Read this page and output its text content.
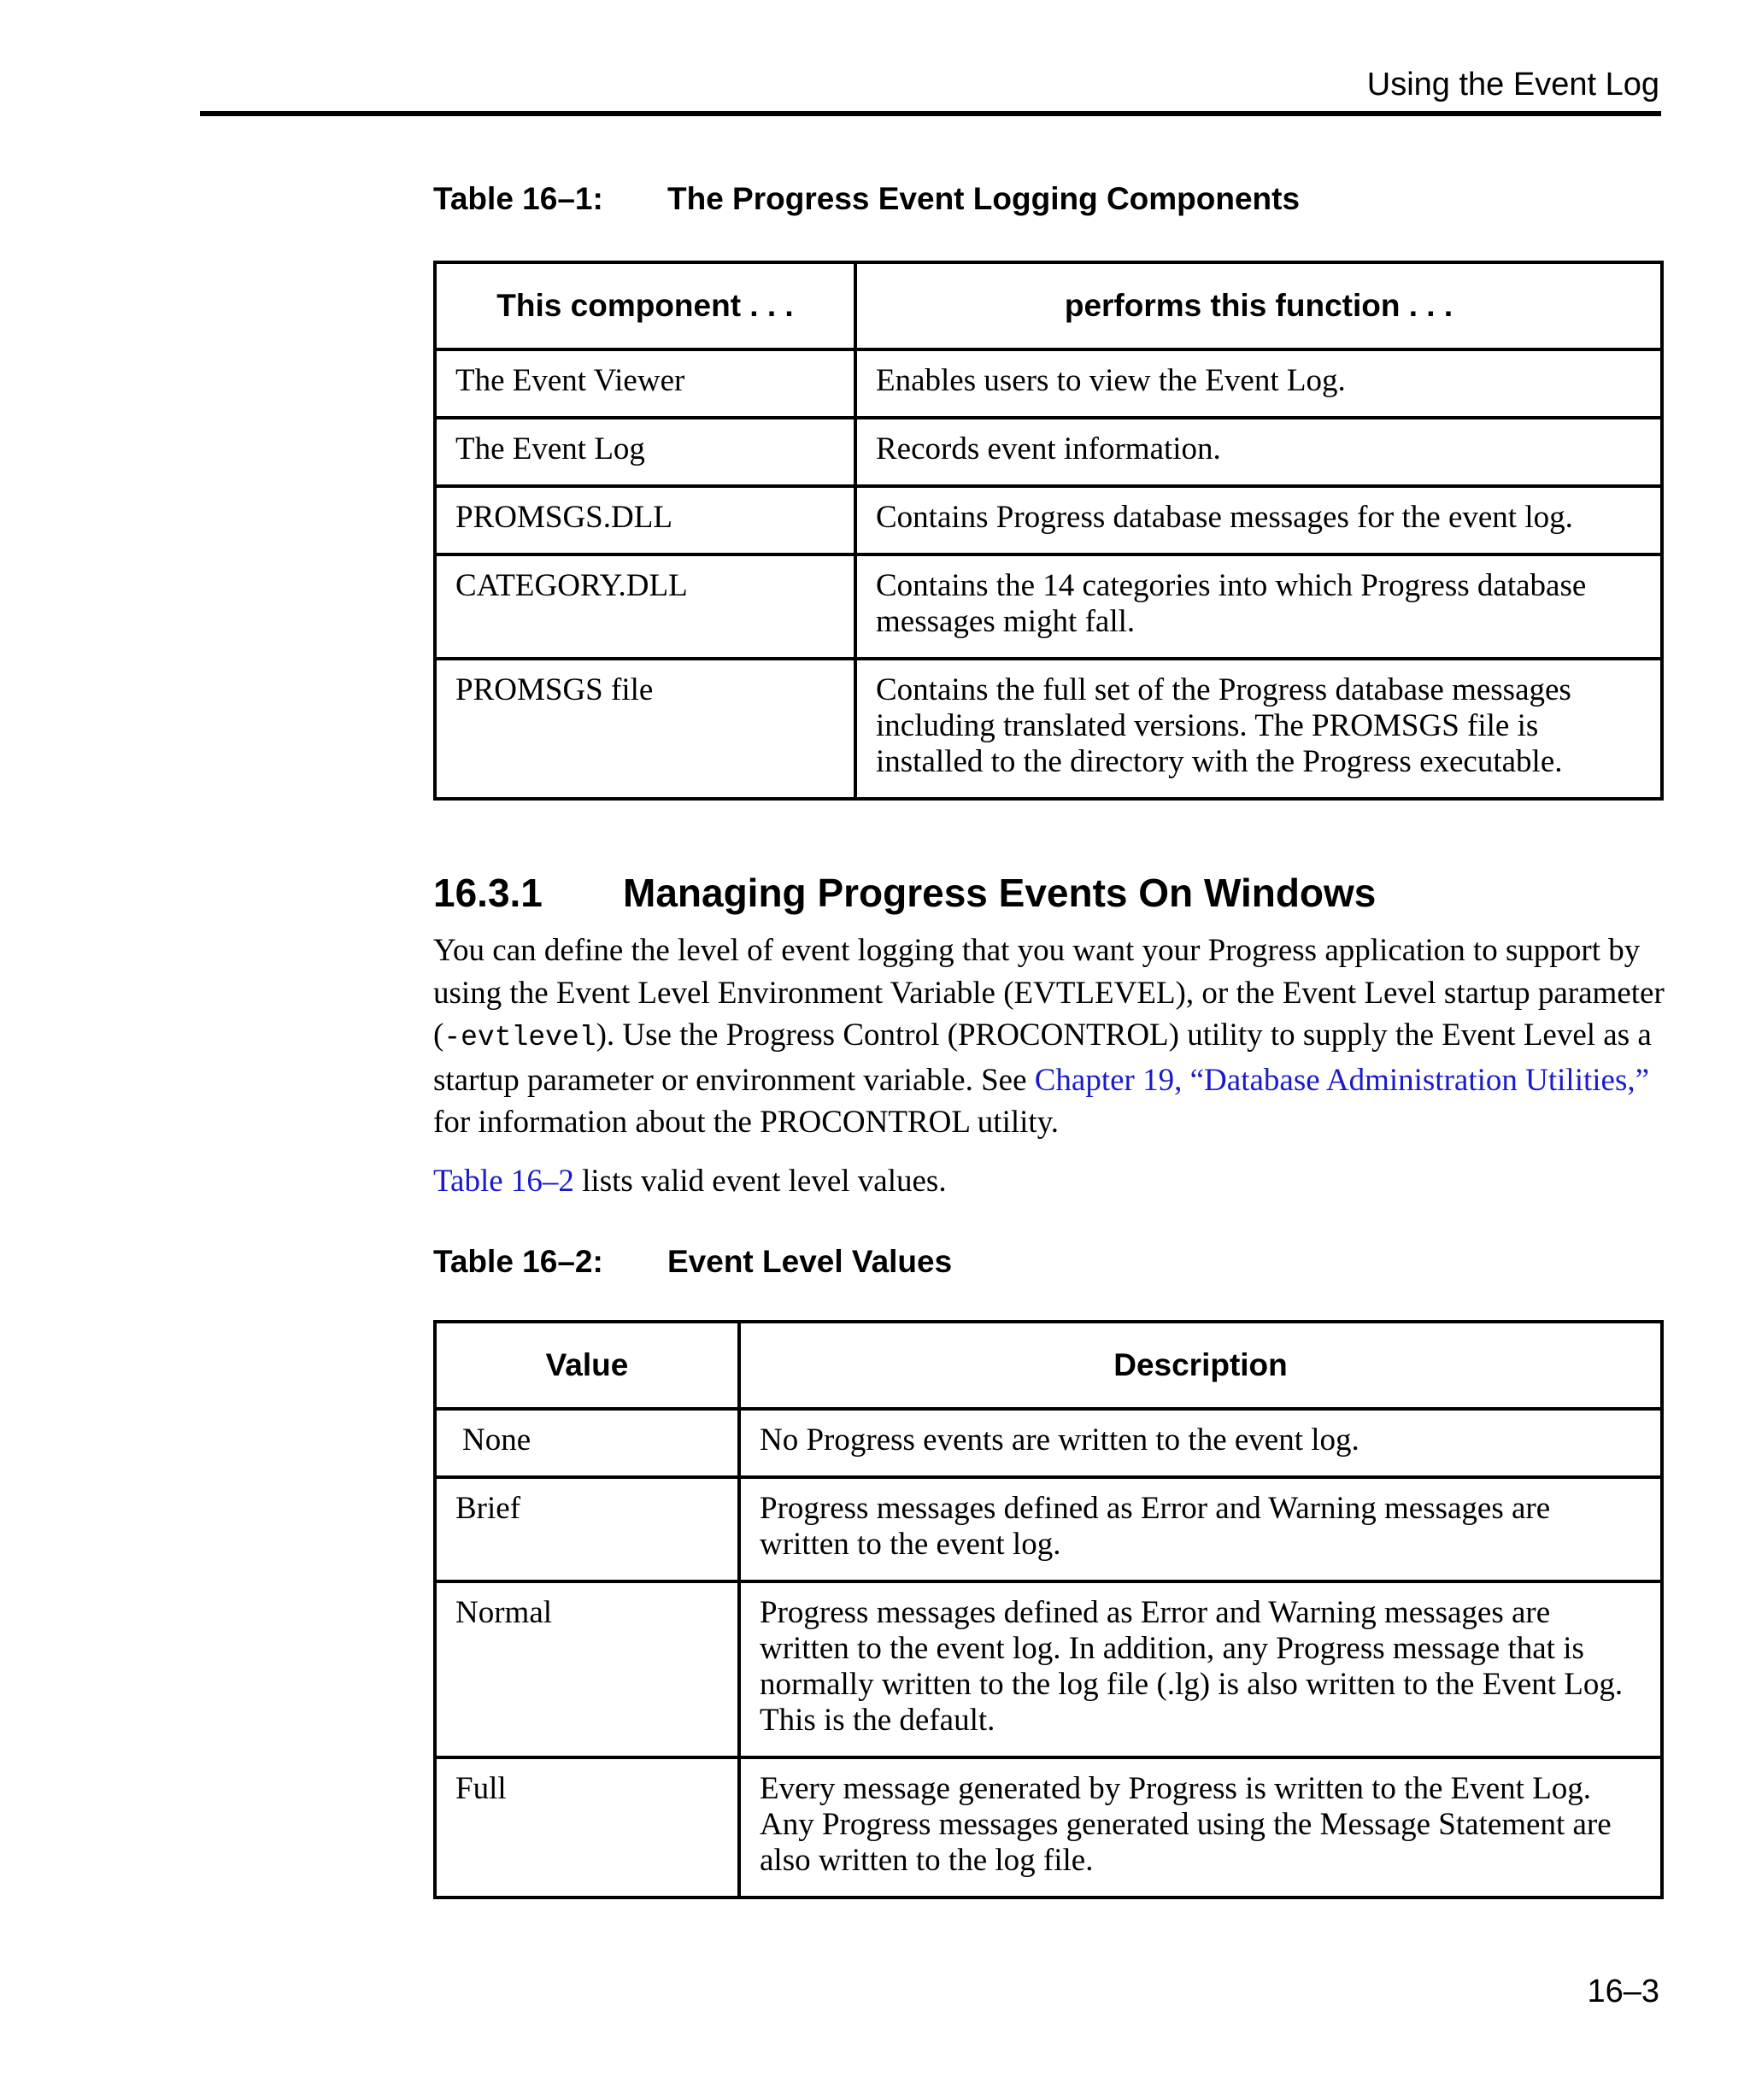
Using the Event Log
Table 16–1: The Progress Event Logging Components
This component . . .	performs this function . . .
The Event Viewer	Enables users to view the Event Log.
The Event Log	Records event information.
PROMSGS.DLL	Contains Progress database messages for the event log.
CATEGORY.DLL	Contains the 14 categories into which Progress database messages might fall.
PROMSGS file	Contains the full set of the Progress database messages including translated versions. The PROMSGS file is installed to the directory with the Progress executable.
16.3.1 Managing Progress Events On Windows
You can define the level of event logging that you want your Progress application to support by using the Event Level Environment Variable (EVTLEVEL), or the Event Level startup parameter (-evtlevel). Use the Progress Control (PROCONTROL) utility to supply the Event Level as a startup parameter or environment variable. See Chapter 19, “Database Administration Utilities,” for information about the PROCONTROL utility.
Table 16–2 lists valid event level values.
Table 16–2: Event Level Values
Value	Description
None	No Progress events are written to the event log.
Brief	Progress messages defined as Error and Warning messages are written to the event log.
Normal	Progress messages defined as Error and Warning messages are written to the event log. In addition, any Progress message that is normally written to the log file (.lg) is also written to the Event Log. This is the default.
Full	Every message generated by Progress is written to the Event Log. Any Progress messages generated using the Message Statement are also written to the log file.
16–3
